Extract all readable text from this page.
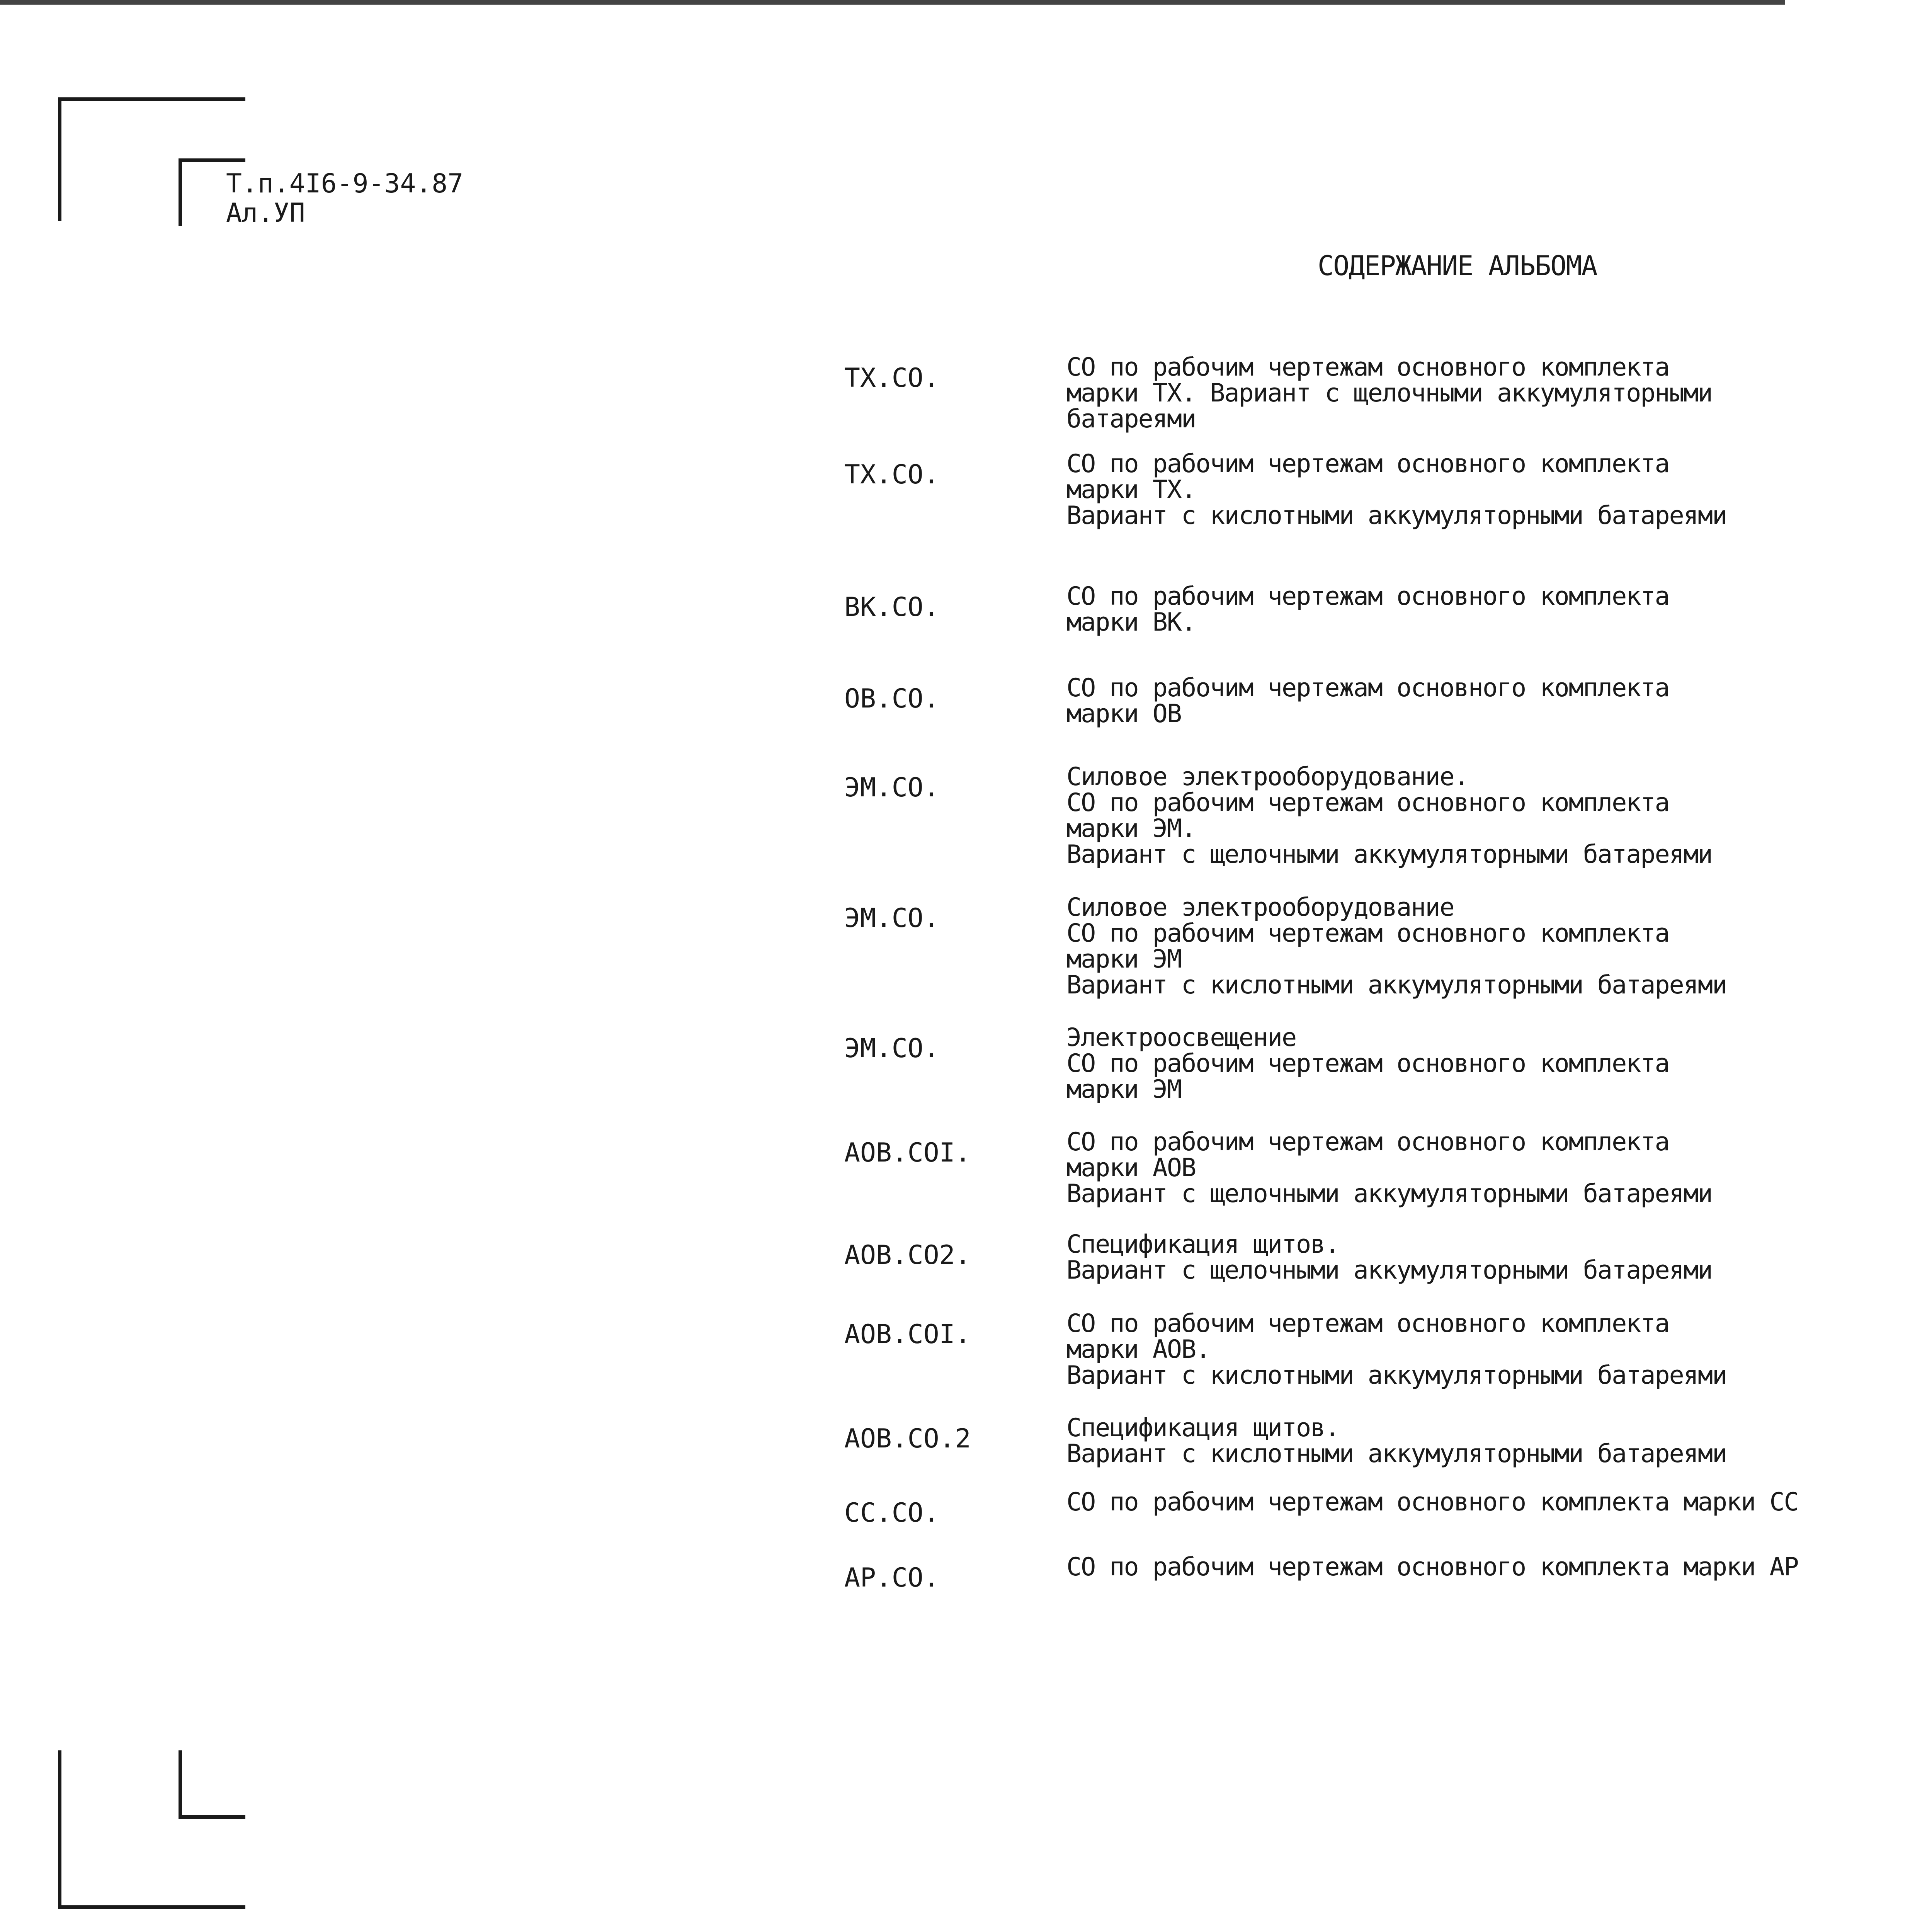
Т.п.4I6-9-34.87
Ал.УП
СОДЕРЖАНИЕ АЛЬБОМА
ТХ.СО.	СО по рабочим чертежам основного комплекта
марки ТХ. Вариант с щелочными аккумуляторными
батареями
ТХ.СО.	СО по рабочим чертежам основного комплекта
марки ТХ.
Вариант с кислотными аккумуляторными батареями
ВК.СО.	СО по рабочим чертежам основного комплекта
марки ВК.
ОВ.СО.	СО по рабочим чертежам основного комплекта
марки ОВ
ЭМ.СО.	Силовое электрооборудование.
СО по рабочим чертежам основного комплекта
марки ЭМ.
Вариант с щелочными аккумуляторными батареями
ЭМ.СО.	Силовое электрооборудование
СО по рабочим чертежам основного комплекта
марки ЭМ
Вариант с кислотными аккумуляторными батареями
ЭМ.СО.	Электроосвещение
СО по рабочим чертежам основного комплекта
марки ЭМ
АОВ.СОI.	СО по рабочим чертежам основного комплекта
марки АОВ
Вариант с щелочными аккумуляторными батареями
АОВ.СО2.	Спецификация щитов.
Вариант с щелочными аккумуляторными батареями
АОВ.СОI.	СО по рабочим чертежам основного комплекта
марки АОВ.
Вариант с кислотными аккумуляторными батареями
АОВ.СО.2	Спецификация щитов.
Вариант с кислотными аккумуляторными батареями
СС.СО.	СО по рабочим чертежам основного комплекта марки СС
АР.СО.	СО по рабочим чертежам основного комплекта марки АР
